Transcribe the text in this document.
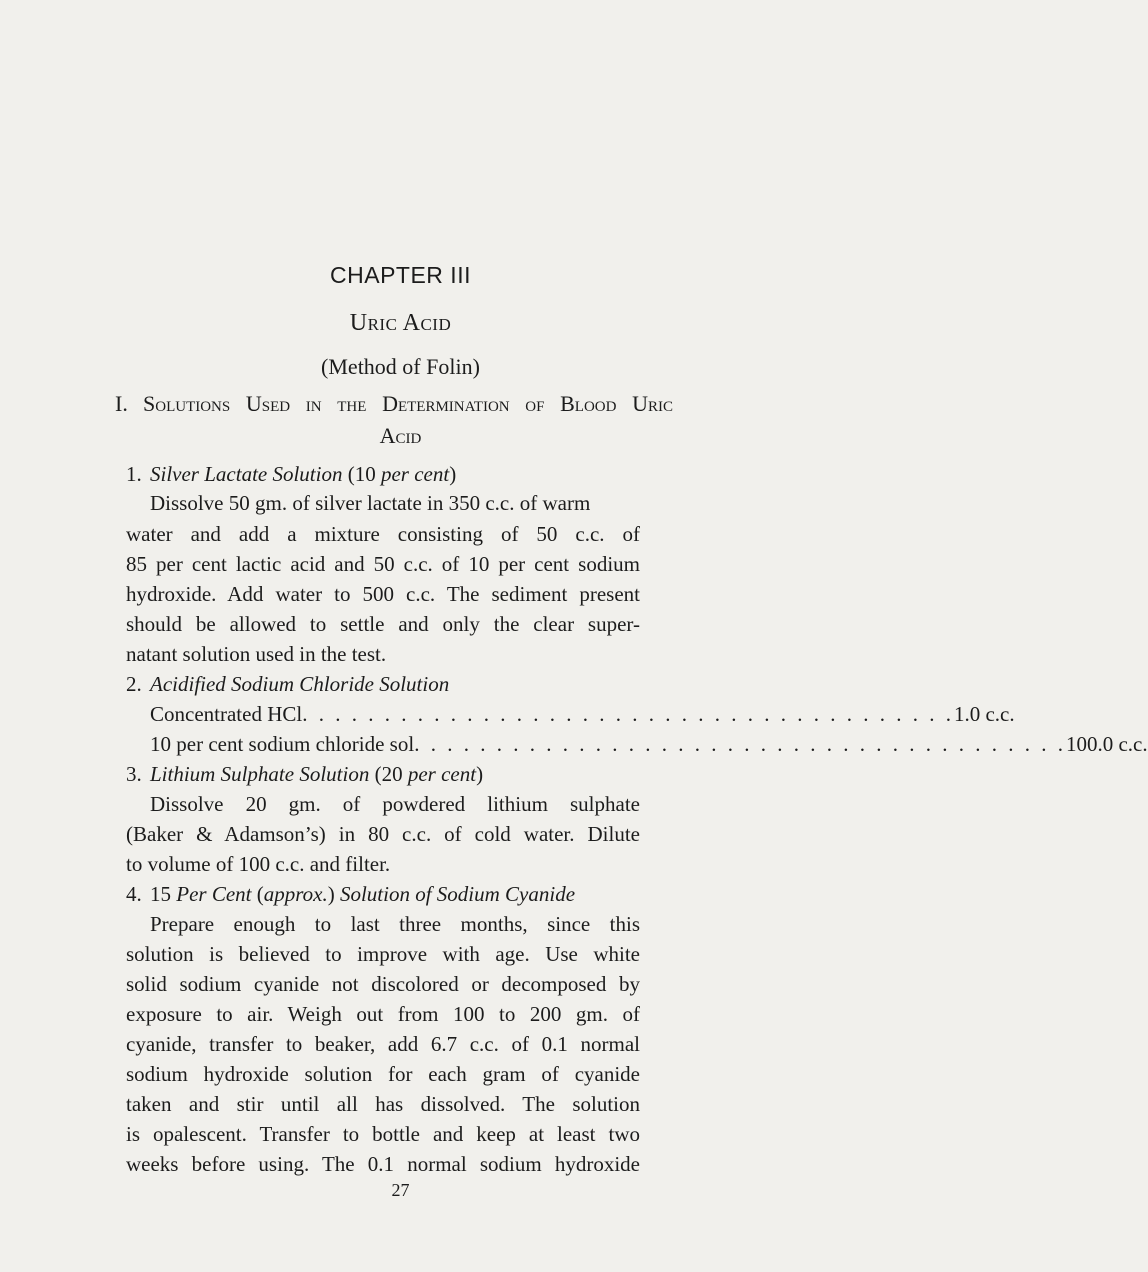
CHAPTER III
Uric Acid
(Method of Folin)
I. Solutions Used in the Determination of Blood Uric
Acid
1. Silver Lactate Solution (10 per cent)
Dissolve 50 gm. of silver lactate in 350 c.c. of warm
water and add a mixture consisting of 50 c.c. of
85 per cent lactic acid and 50 c.c. of 10 per cent sodium
hydroxide. Add water to 500 c.c. The sediment present
should be allowed to settle and only the clear super-
natant solution used in the test.
2. Acidified Sodium Chloride Solution
Concentrated HCl . . . . . . . . . . . . . . . . . . . . . . . . . . . . . . . . . . . . . . . . 1.0 c.c.
10 per cent sodium chloride sol . . . . . . . . . . . . . . . . . . . . . . . . . . . . . . . . . . . . . . . . 100.0 c.c.
3. Lithium Sulphate Solution (20 per cent)
Dissolve 20 gm. of powdered lithium sulphate
(Baker & Adamson’s) in 80 c.c. of cold water. Dilute
to volume of 100 c.c. and filter.
4. 15 Per Cent (approx.) Solution of Sodium Cyanide
Prepare enough to last three months, since this
solution is believed to improve with age. Use white
solid sodium cyanide not discolored or decomposed by
exposure to air. Weigh out from 100 to 200 gm. of
cyanide, transfer to beaker, add 6.7 c.c. of 0.1 normal
sodium hydroxide solution for each gram of cyanide
taken and stir until all has dissolved. The solution
is opalescent. Transfer to bottle and keep at least two
weeks before using. The 0.1 normal sodium hydroxide
27
